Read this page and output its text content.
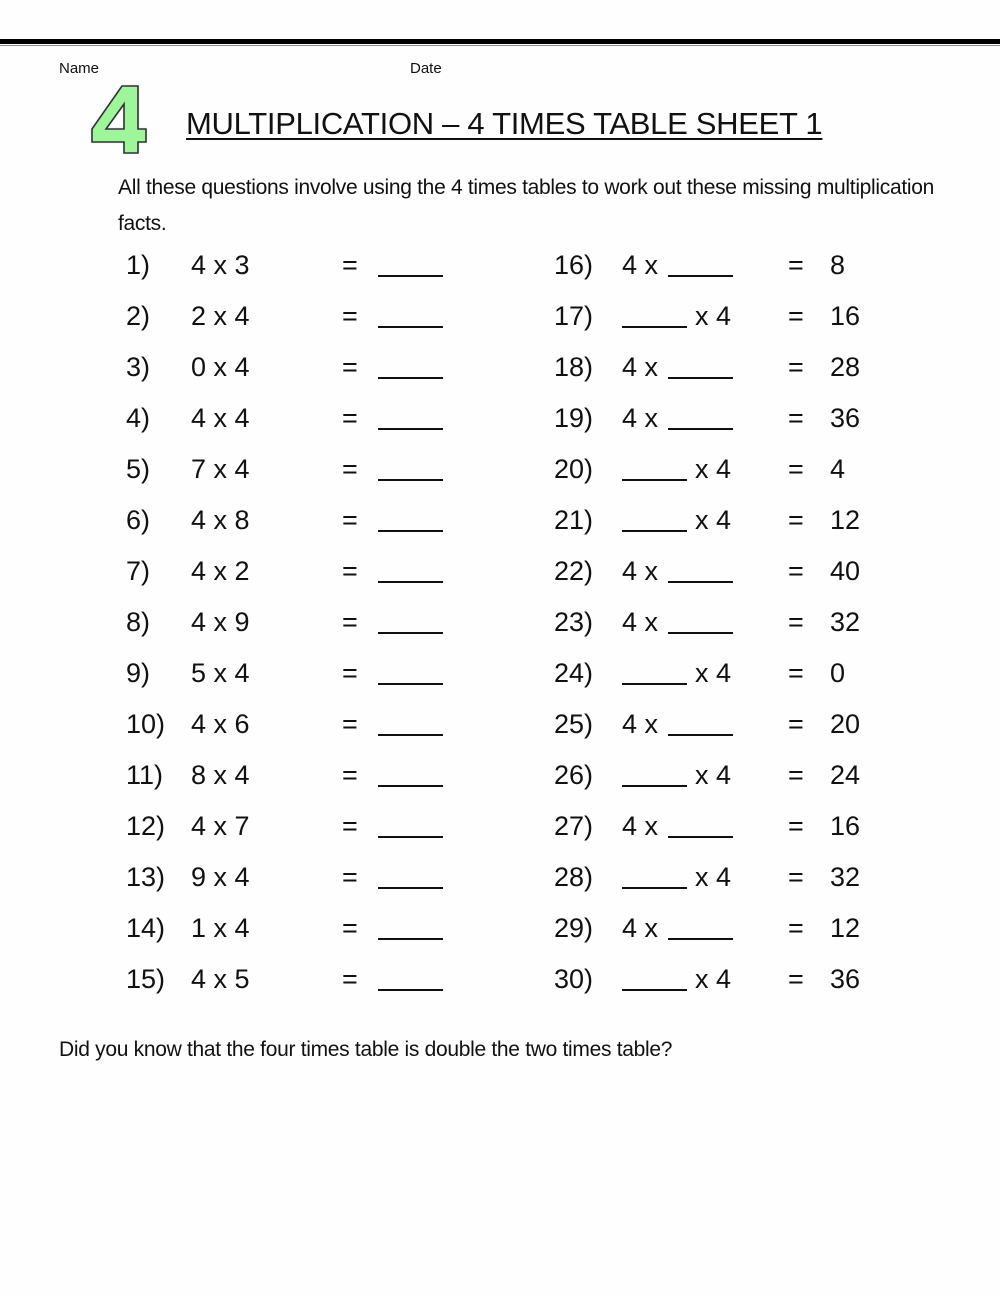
Name	Date
MULTIPLICATION – 4 TIMES TABLE SHEET 1
All these questions involve using the 4 times tables to work out these missing multiplication facts.
1) 4 x 3	=
2) 2 x 4	=
3) 0 x 4	=
4) 4 x 4	=
5) 7 x 4	=
6) 4 x 8	=
7) 4 x 2	=
8) 4 x 9	=
9) 5 x 4	=
10) 4 x 6	=
11) 8 x 4	=
12) 4 x 7	=
13) 9 x 4	=
14) 1 x 4	=
15) 4 x 5	=
16) 4 x	= 8
17)	x 4 = 16
18) 4 x	= 28
19) 4 x	= 36
20)	x 4 = 4
21)	x 4 = 12
22) 4 x	= 40
23) 4 x	= 32
24)	x 4 = 0
25) 4 x	= 20
26)	x 4 = 24
27) 4 x	= 16
28)	x 4 = 32
29) 4 x	= 12
30)	x 4 = 36
Did you know that the four times table is double the two times table?
